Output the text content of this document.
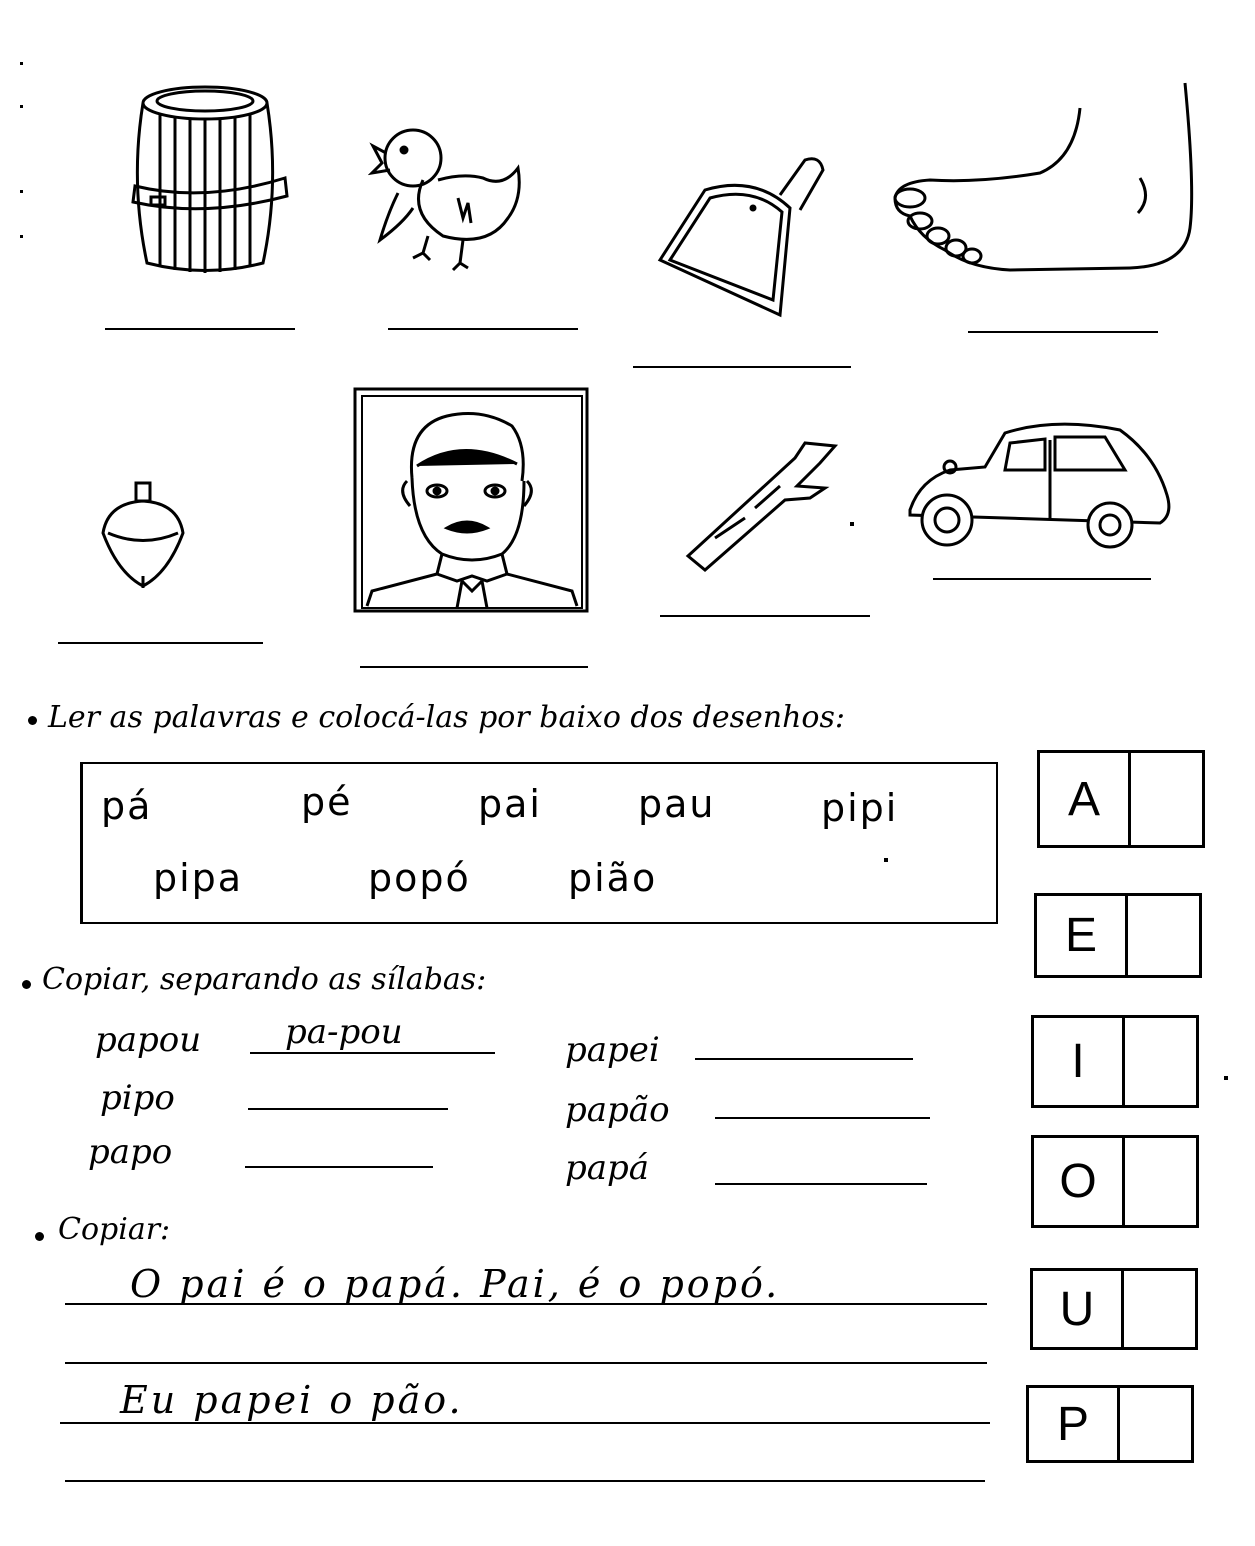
Ler as palavras e colocá-las por baixo dos desenhos:
pá	pé	pai	pau	pipi
pipa	popó	pião
Copiar, separando as sílabas:
papou pa-pou
pipo
papo
papei
papão
papá
Copiar:
O pai é o papá. Pai, é o popó.
Eu papei o pão.
A
E
I
O
U
P
